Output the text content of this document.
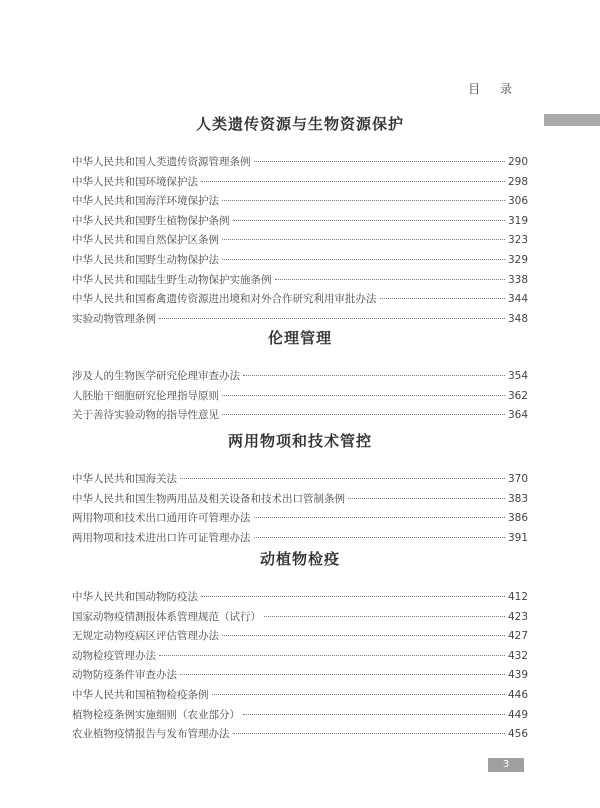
目 录
人类遗传资源与生物资源保护
中华人民共和国人类遗传资源管理条例	290
中华人民共和国环境保护法	298
中华人民共和国海洋环境保护法	306
中华人民共和国野生植物保护条例	319
中华人民共和国自然保护区条例	323
中华人民共和国野生动物保护法	329
中华人民共和国陆生野生动物保护实施条例	338
中华人民共和国畜禽遗传资源进出境和对外合作研究利用审批办法	344
实验动物管理条例	348
伦理管理
涉及人的生物医学研究伦理审查办法	354
人胚胎干细胞研究伦理指导原则	362
关于善待实验动物的指导性意见	364
两用物项和技术管控
中华人民共和国海关法	370
中华人民共和国生物两用品及相关设备和技术出口管制条例	383
两用物项和技术出口通用许可管理办法	386
两用物项和技术进出口许可证管理办法	391
动植物检疫
中华人民共和国动物防疫法	412
国家动物疫情测报体系管理规范（试行）	423
无规定动物疫病区评估管理办法	427
动物检疫管理办法	432
动物防疫条件审查办法	439
中华人民共和国植物检疫条例	446
植物检疫条例实施细则（农业部分）	449
农业植物疫情报告与发布管理办法	456
3
